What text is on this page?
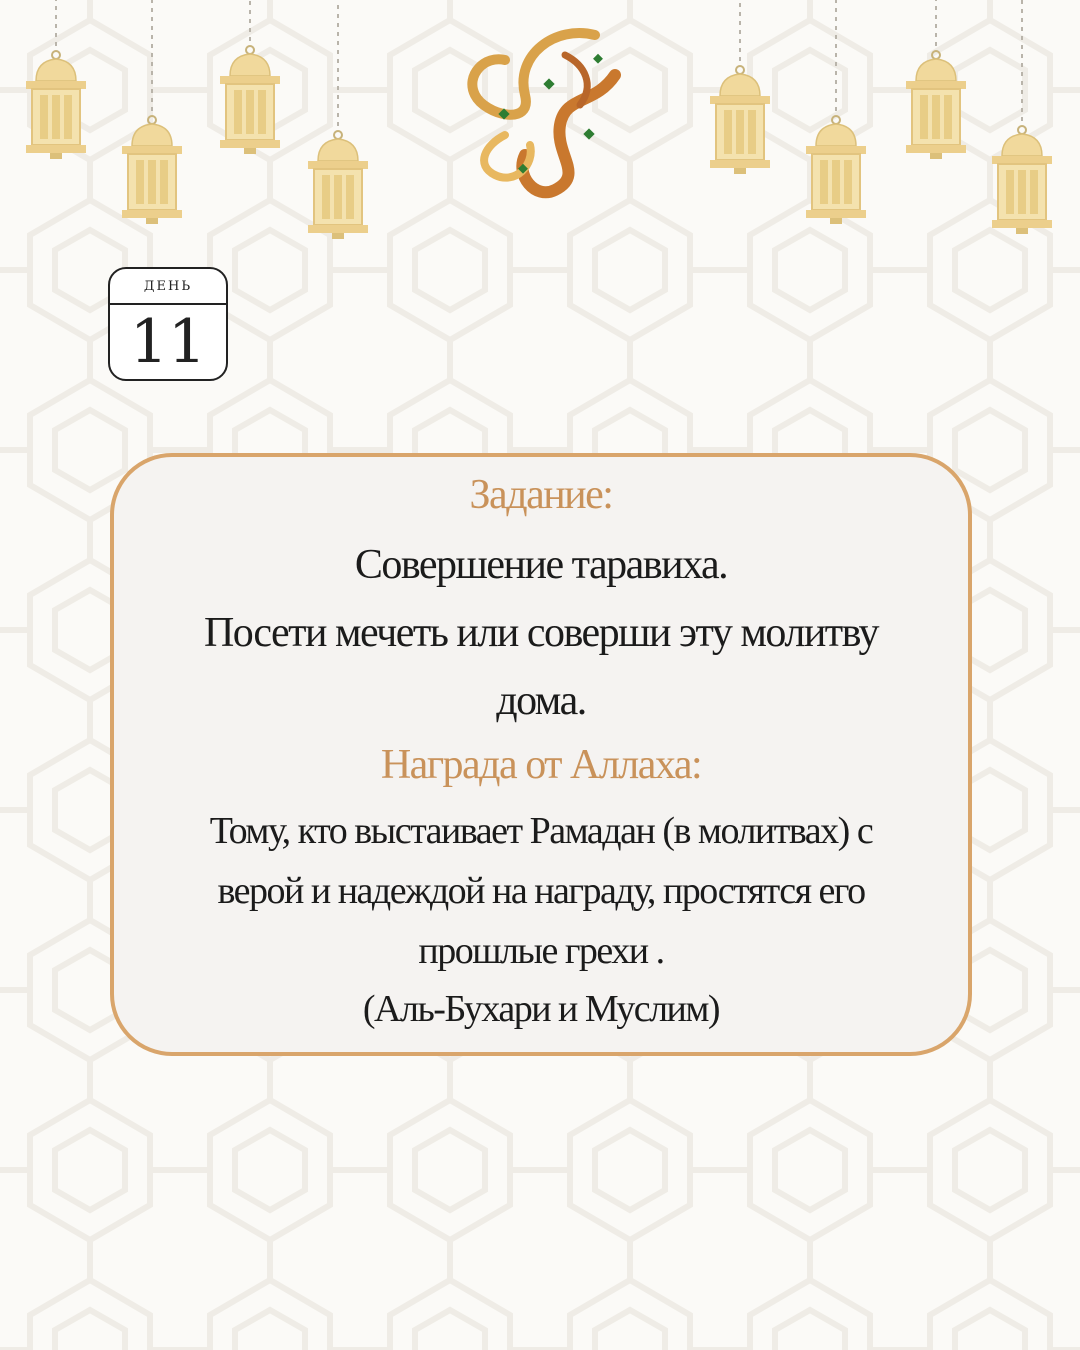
ДЕНЬ
11
Задание:
Совершение таравиха.
Посети мечеть или соверши эту молитву
дома.
Награда от Аллаха:
Тому, кто выстаивает Рамадан (в молитвах) с
верой и надеждой на награду, простятся его
прошлые грехи .
(Аль-Бухари и Муслим)
